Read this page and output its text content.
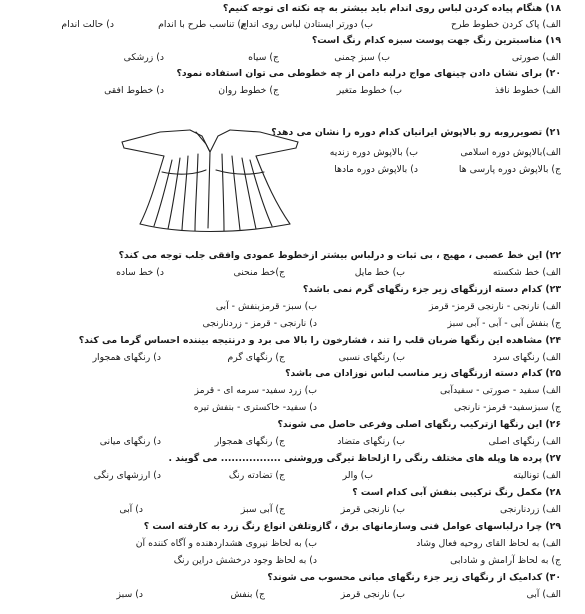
۱۸) هنگام پیاده کردن لباس روی اندام باید بیشتر به چه نکته ای توجه کنیم؟
الف) پاک کردن خطوط طرح
ب) دورتر ایستادن لباس روی اندام
ج) تناسب طرح با اندام
د) حالت اندام
۱۹) مناسبترین رنگ جهت پوست سبزه کدام رنگ است؟
الف) صورتی
ب) سبز چمنی
ج) سیاه
د) زرشکی
۲۰) برای نشان دادن چینهای مواج درلبه دامن از چه خطوطی می توان استفاده نمود؟
الف) خطوط نافذ
ب) خطوط متغیر
ج) خطوط روان
د) خطوط افقی
۲۱) تصویرروبه رو بالاپوش ایرانیان کدام دوره را نشان می دهد؟
الف)بالاپوش دوره اسلامی
ب) بالاپوش دوره زندیه
ج) بالاپوش دوره پارسی ها
د) بالاپوش دوره مادها
۲۲) این خط عصبی ، مهیج ، بی ثبات و درلباس بیشتر ازخطوط عمودی وافقی جلب توجه می کند؟
الف) خط شکسته
ب) خط مایل
ج)خط منحنی
د) خط ساده
۲۳) کدام دسته ازرنگهای زیر جزء رنگهای گرم نمی باشد؟
الف) نارنجی - نارنجی قرمز- قرمز
ب) سبز- قرمزبنفش - آبی
ج) بنفش آبی - آبی - آبی سبز
د) نارنجی - قرمز - زردنارنجی
۲۴) مشاهده این رنگها ضربان قلب را تند ، فشارخون را بالا می برد و درنتیجه بیننده احساس گرما می کند؟
الف) رنگهای سرد
ب) رنگهای نسبی
ج) رنگهای گرم
د) رنگهای همجوار
۲۵) کدام دسته ازرنگهای زیر مناسب لباس نوزادان می باشد؟
الف) سفید - صورتی - سفیدآبی
ب) زرد سفید- سرمه ای - قرمز
ج) سبزسفید- قرمز- نارنجی
د) سفید- خاکستری - بنفش تیره
۲۶) این رنگها ازترکیب رنگهای اصلی وفرعی حاصل می شوند؟
الف) رنگهای اصلی
ب) رنگهای متضاد
ج) رنگهای همجوار
د) رنگهای میانی
۲۷) پرده ها وپله های مختلف رنگی را ازلحاظ تیرگی وروشنی ................. می گویند .
الف) تونالیته
ب) والر
ج) تضادته رنگ
د) ارزشهای رنگی
۲۸) مکمل رنگ ترکیبی بنفش آبی کدام است ؟
الف) زردنارنجی
ب) نارنجی قرمز
ج) آبی سبز
د) آبی
۲۹) چرا درلباسهای عوامل فنی وسازمانهای برق ، گازوتلفن انواع رنگ زرد به کارفته است ؟
الف) به لحاظ القای روحیه فعال وشاد
ب) به لحاظ نیروی هشداردهنده و آگاه کننده آن
ج) به لحاظ آرامش و شادابی
د) به لحاظ وجود درخشش دراین رنگ
۳۰) کدامیک از رنگهای زیر جزء رنگهای میانی محسوب می شوند؟
الف) آبی
ب) نارنجی قرمز
ج) بنفش
د) سبز
